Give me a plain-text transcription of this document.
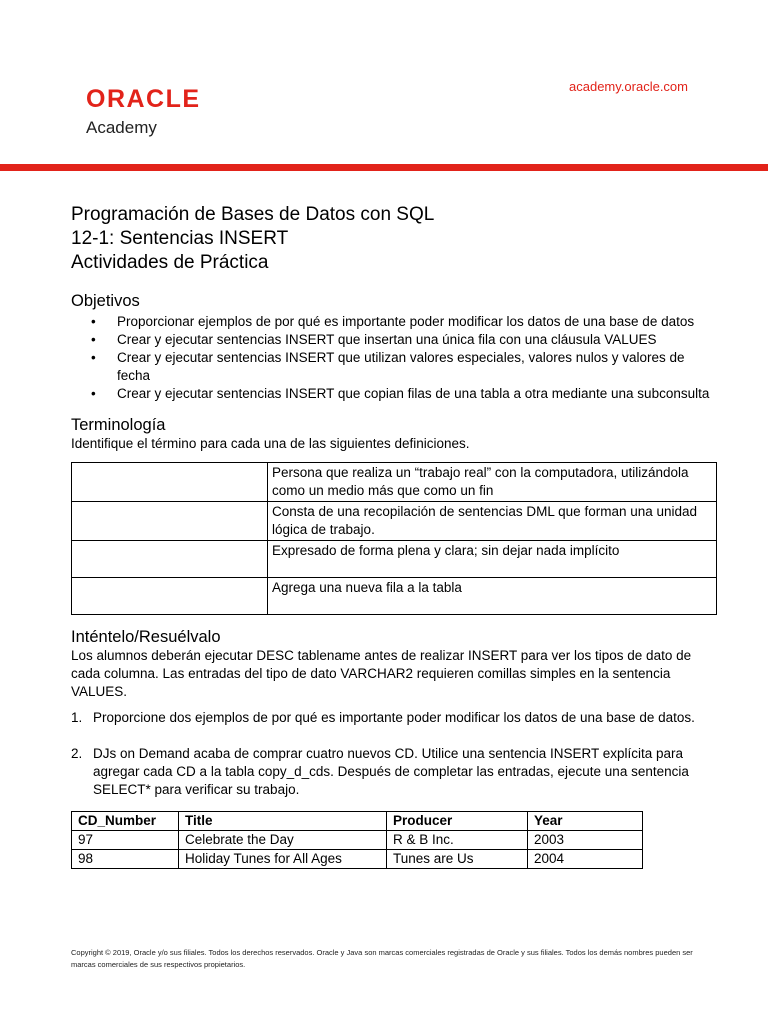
ORACLE
Academy
academy.oracle.com
Programación de Bases de Datos con SQL
12-1: Sentencias INSERT
Actividades de Práctica
Objetivos
• Proporcionar ejemplos de por qué es importante poder modificar los datos de una base de datos
• Crear y ejecutar sentencias INSERT que insertan una única fila con una cláusula VALUES
• Crear y ejecutar sentencias INSERT que utilizan valores especiales, valores nulos y valores de fecha
• Crear y ejecutar sentencias INSERT que copian filas de una tabla a otra mediante una subconsulta
Terminología

Identifique el término para cada una de las siguientes definiciones.

	Persona que realiza un “trabajo real” con la computadora, utilizándola como un medio más que como un fin
	Consta de una recopilación de sentencias DML que forman una unidad lógica de trabajo.
	Expresado de forma plena y clara; sin dejar nada implícito
	Agrega una nueva fila a la tabla
Inténtelo/Resuélvalo

Los alumnos deberán ejecutar DESC tablename antes de realizar INSERT para ver los tipos de dato de cada columna. Las entradas del tipo de dato VARCHAR2 requieren comillas simples en la sentencia VALUES.

1. Proporcione dos ejemplos de por qué es importante poder modificar los datos de una base de datos.
2. DJs on Demand acaba de comprar cuatro nuevos CD. Utilice una sentencia INSERT explícita para agregar cada CD a la tabla copy_d_cds. Después de completar las entradas, ejecute una sentencia SELECT* para verificar su trabajo.
CD_Number	Title	Producer	Year
97	Celebrate the Day	R & B Inc.	2003
98	Holiday Tunes for All Ages	Tunes are Us	2004
Copyright © 2019, Oracle y/o sus filiales. Todos los derechos reservados. Oracle y Java son marcas comerciales registradas de Oracle y sus filiales. Todos los demás nombres pueden ser marcas comerciales de sus respectivos propietarios.
